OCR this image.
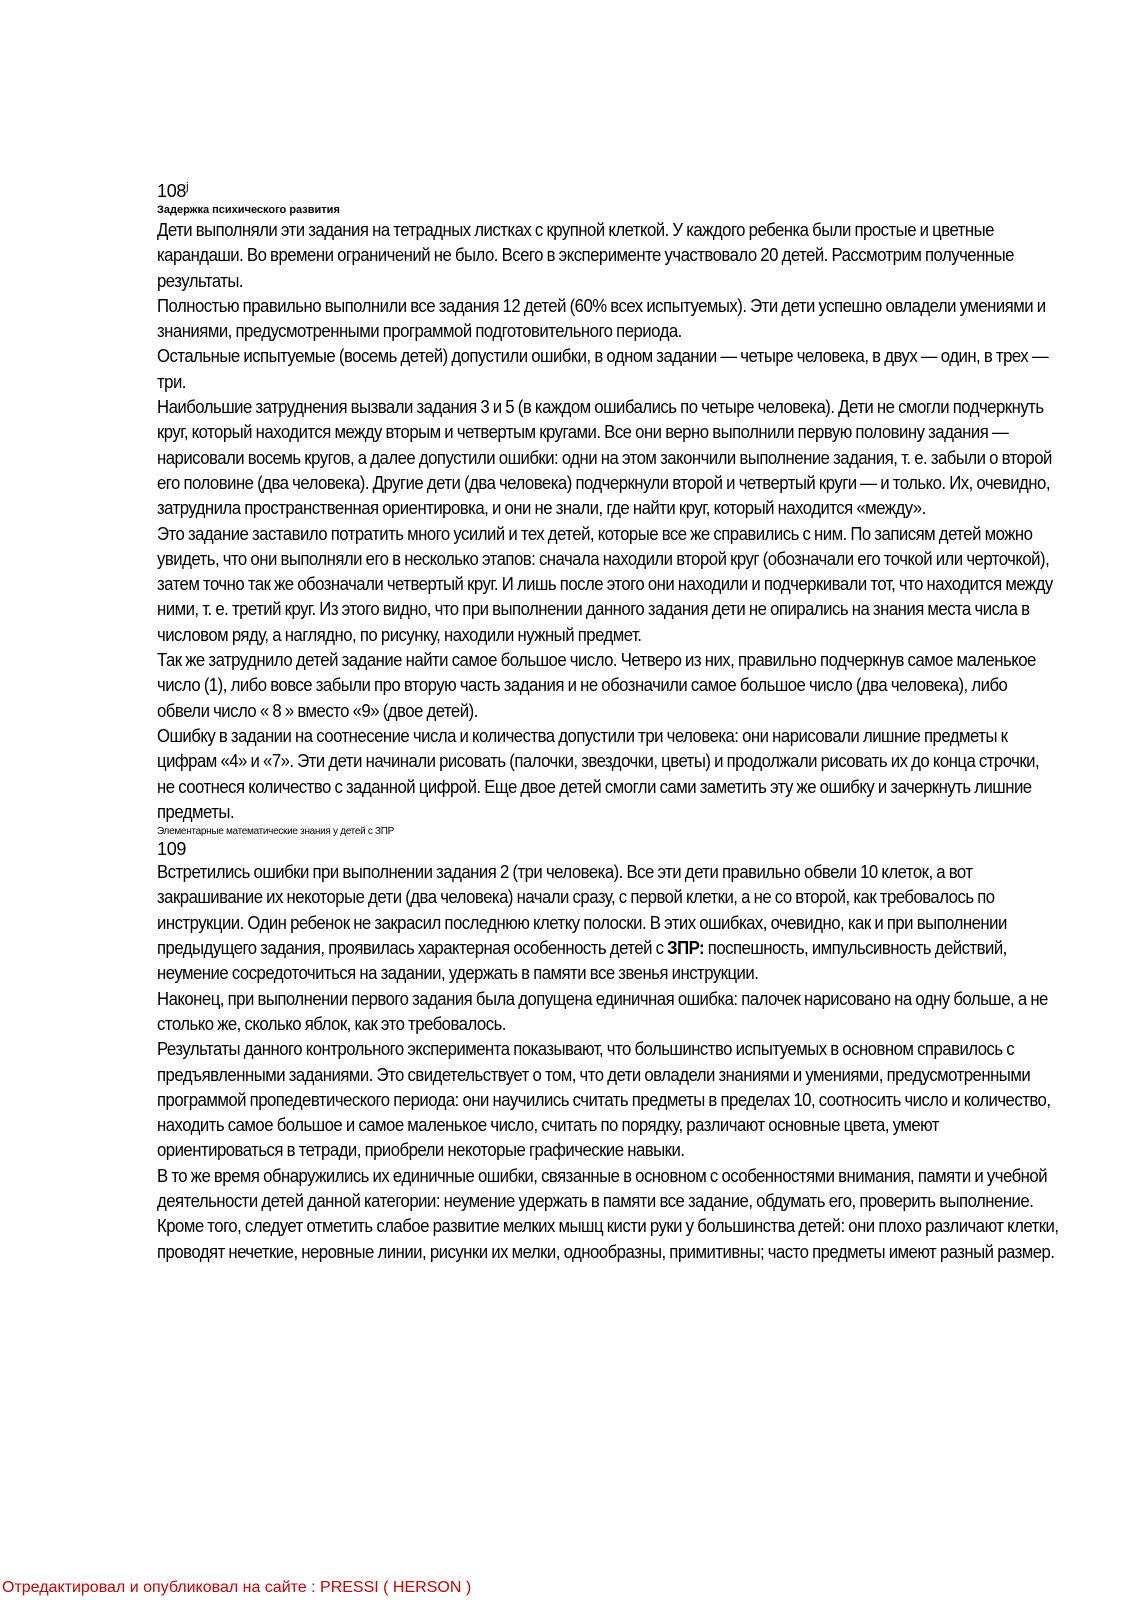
108$^j$
Задержка психического развития

Дети выполняли эти задания на тетрадных листках с крупной клеткой. У каждого ребенка были простые и цветные карандаши. Во времени ограничений не было. Всего в эксперименте участвовало 20 детей. Рассмотрим полученные результаты.

Полностью правильно выполнили все задания 12 детей (60% всех испытуемых). Эти дети успешно овладели умениями и знаниями, предусмотренными программой подготовительного периода.

Остальные испытуемые (восемь детей) допустили ошибки, в одном задании — четыре человека, в двух — один, в трех — три.

Наибольшие затруднения вызвали задания 3 и 5 (в каждом ошибались по четыре человека). Дети не смогли подчеркнуть круг, который находится между вторым и четвертым кругами. Все они верно выполнили первую половину задания — нарисовали восемь кругов, а далее допустили ошибки: одни на этом закончили выполнение задания, т. е. забыли о второй его половине (два человека). Другие дети (два человека) подчеркнули второй и четвертый круги — и только. Их, очевидно, затруднила пространственная ориентировка, и они не знали, где найти круг, который находится «между».

Это задание заставило потратить много усилий и тех детей, которые все же справились с ним. По записям детей можно увидеть, что они выполняли его в несколько этапов: сначала находили второй круг (обозначали его точкой или черточкой), затем точно так же обозначали четвертый круг. И лишь после этого они находили и подчеркивали тот, что находится между ними, т. е. третий круг. Из этого видно, что при выполнении данного задания дети не опирались на знания места числа в числовом ряду, а наглядно, по рисунку, находили нужный предмет.

Так же затруднило детей задание найти самое большое число. Четверо из них, правильно подчеркнув самое маленькое число (1), либо вовсе забыли про вторую часть задания и не обозначили самое большое число (два человека), либо обвели число « 8 » вместо «9» (двое детей).

Ошибку в задании на соотнесение числа и количества допустили три человека: они нарисовали лишние предметы к цифрам «4» и «7». Эти дети начинали рисовать (палочки, звездочки, цветы) и продолжали рисовать их до конца строчки, не соотнеся количество с заданной цифрой. Еще двое детей смогли сами заметить эту же ошибку и зачеркнуть лишние предметы.

Элементарные математические знания у детей с ЗПР
109

Встретились ошибки при выполнении задания 2 (три человека). Все эти дети правильно обвели 10 клеток, а вот закрашивание их некоторые дети (два человека) начали сразу, с первой клетки, а не со второй, как требовалось по инструкции. Один ребенок не закрасил последнюю клетку полоски. В этих ошибках, очевидно, как и при выполнении предыдущего задания, проявилась характерная особенность детей с ЗПР: поспешность, импульсивность действий, неумение сосредоточиться на задании, удержать в памяти все звенья инструкции.

Наконец, при выполнении первого задания была допущена единичная ошибка: палочек нарисовано на одну больше, а не столько же, сколько яблок, как это требовалось.

Результаты данного контрольного эксперимента показывают, что большинство испытуемых в основном справилось с предъявленными заданиями. Это свидетельствует о том, что дети овладели знаниями и умениями, предусмотренными программой пропедевтического периода: они научились считать предметы в пределах 10, соотносить число и количество, находить самое большое и самое маленькое число, считать по порядку, различают основные цвета, умеют ориентироваться в тетради, приобрели некоторые графические навыки.

В то же время обнаружились их единичные ошибки, связанные в основном с особенностями внимания, памяти и учебной деятельности детей данной категории: неумение удержать в памяти все задание, обдумать его, проверить выполнение. Кроме того, следует отметить слабое развитие мелких мышц кисти руки у большинства детей: они плохо различают клетки, проводят нечеткие, неровные линии, рисунки их мелки, однообразны, примитивны; часто предметы имеют разный размер.

Отредактировал и опубликовал на сайте : PRESSI ( HERSON )
